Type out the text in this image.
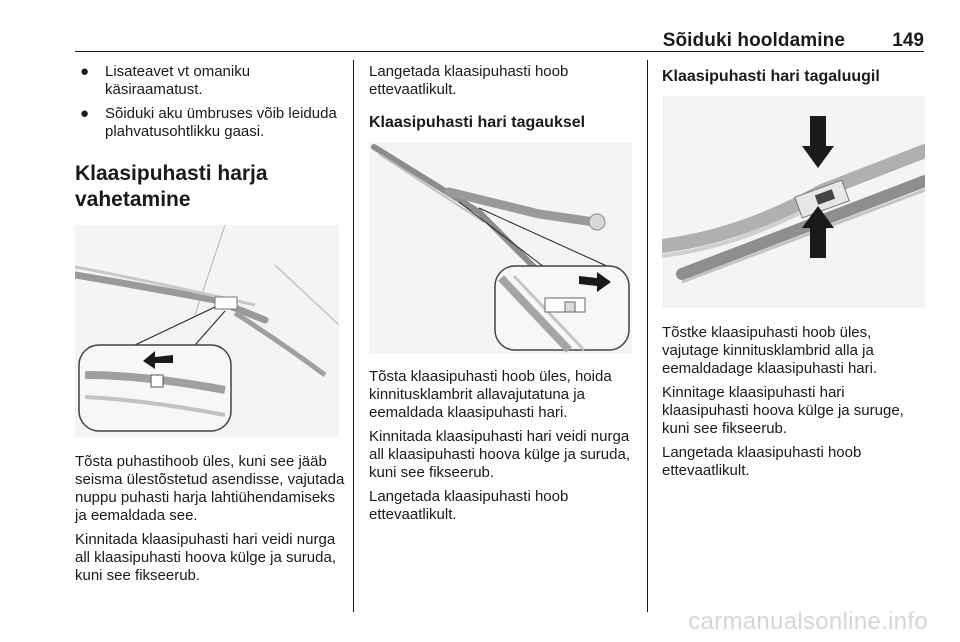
Sõiduki hooldamine 149
● Lisateavet vt omaniku käsiraamatust.
● Sõiduki aku ümbruses võib leiduda plahvatusohtlikku gaasi.
Klaasipuhasti harja vahetamine

Tõsta puhastihoob üles, kuni see jääb seisma ülestõstetud asendisse, vajutada nuppu puhasti harja lahtiühendamiseks ja eemaldada see.

Kinnitada klaasipuhasti hari veidi nurga all klaasipuhasti hoova külge ja suruda, kuni see fikseerub.

Langetada klaasipuhasti hoob ettevaatlikult.

Klaasipuhasti hari tagauksel

Tõsta klaasipuhasti hoob üles, hoida kinnitusklambrit allavajutatuna ja eemaldada klaasipuhasti hari.

Kinnitada klaasipuhasti hari veidi nurga all klaasipuhasti hoova külge ja suruda, kuni see fikseerub.

Langetada klaasipuhasti hoob ettevaatlikult.

Klaasipuhasti hari tagaluugil

Tõstke klaasipuhasti hoob üles, vajutage kinnitusklambrid alla ja eemaldadage klaasipuhasti hari.

Kinnitage klaasipuhasti hari klaasipuhasti hoova külge ja suruge, kuni see fikseerub.

Langetada klaasipuhasti hoob ettevaatlikult.

carmanualsonline.info
